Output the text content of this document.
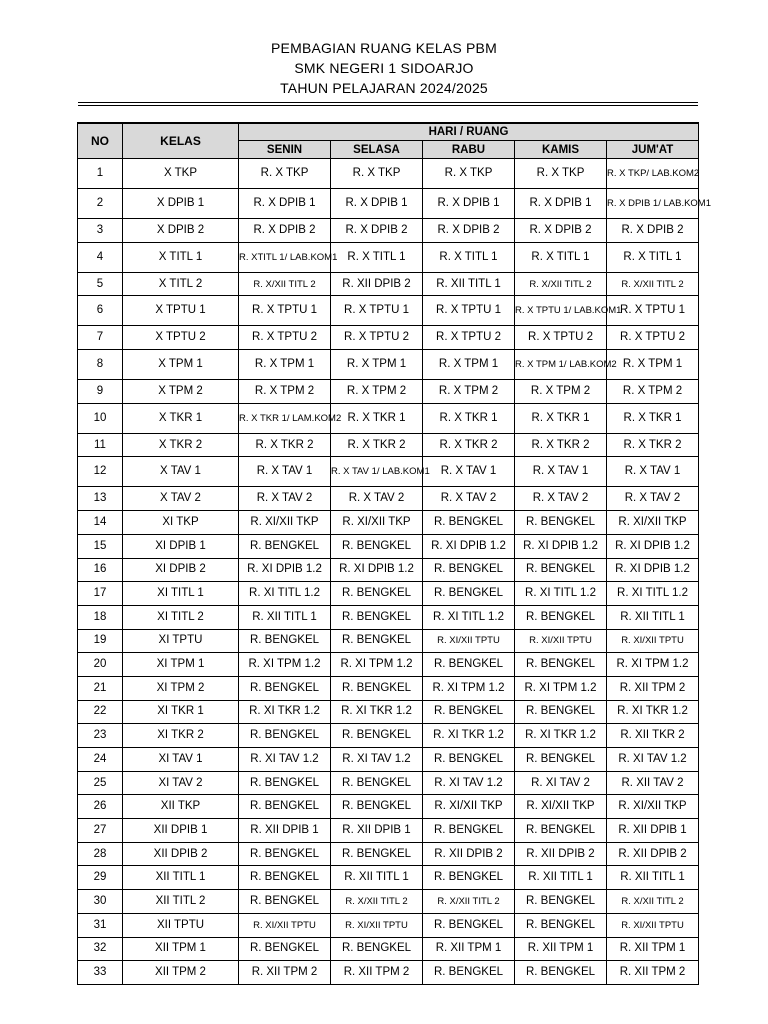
PEMBAGIAN RUANG KELAS PBM
SMK NEGERI 1 SIDOARJO
TAHUN PELAJARAN 2024/2025
NO	KELAS	HARI / RUANG				
		SENIN	SELASA	RABU	KAMIS	JUM'AT
1	X TKP	R. X TKP	R. X TKP	R. X TKP	R. X TKP	R. X TKP/ LAB.KOM2
2	X DPIB 1	R. X DPIB 1	R. X DPIB 1	R. X DPIB 1	R. X DPIB 1	R. X DPIB 1/ LAB.KOM1
3	X DPIB 2	R. X DPIB 2	R. X DPIB 2	R. X DPIB 2	R. X DPIB 2	R. X DPIB 2
4	X TITL 1	R. XTITL 1/ LAB.KOM1	R. X TITL 1	R. X TITL 1	R. X TITL 1	R. X TITL 1
5	X TITL 2	R. X/XII TITL 2	R. XII DPIB 2	R. XII TITL 1	R. X/XII TITL 2	R. X/XII TITL 2
6	X TPTU 1	R. X TPTU 1	R. X TPTU 1	R. X TPTU 1	R. X TPTU 1/ LAB.KOM1	R. X TPTU 1
7	X TPTU 2	R. X TPTU 2	R. X TPTU 2	R. X TPTU 2	R. X TPTU 2	R. X TPTU 2
8	X TPM 1	R. X TPM 1	R. X TPM 1	R. X TPM 1	R. X TPM 1/ LAB.KOM2	R. X TPM 1
9	X TPM 2	R. X TPM 2	R. X TPM 2	R. X TPM 2	R. X TPM 2	R. X TPM 2
10	X TKR 1	R. X TKR 1/ LAM.KOM2	R. X TKR 1	R. X TKR 1	R. X TKR 1	R. X TKR 1
11	X TKR 2	R. X TKR 2	R. X TKR 2	R. X TKR 2	R. X TKR 2	R. X TKR 2
12	X TAV 1	R. X TAV 1	R. X TAV 1/ LAB.KOM1	R. X TAV 1	R. X TAV 1	R. X TAV 1
13	X TAV 2	R. X TAV 2	R. X TAV 2	R. X TAV 2	R. X TAV 2	R. X TAV 2
14	XI TKP	R. XI/XII TKP	R. XI/XII TKP	R. BENGKEL	R. BENGKEL	R. XI/XII TKP
15	XI DPIB 1	R. BENGKEL	R. BENGKEL	R. XI DPIB 1.2	R. XI DPIB 1.2	R. XI DPIB 1.2
16	XI DPIB 2	R. XI DPIB 1.2	R. XI DPIB 1.2	R. BENGKEL	R. BENGKEL	R. XI DPIB 1.2
17	XI TITL 1	R. XI TITL 1.2	R. BENGKEL	R. BENGKEL	R. XI TITL 1.2	R. XI TITL 1.2
18	XI TITL 2	R. XII TITL 1	R. BENGKEL	R. XI TITL 1.2	R. BENGKEL	R. XII TITL 1
19	XI TPTU	R. BENGKEL	R. BENGKEL	R. XI/XII TPTU	R. XI/XII TPTU	R. XI/XII TPTU
20	XI TPM 1	R. XI TPM 1.2	R. XI TPM 1.2	R. BENGKEL	R. BENGKEL	R. XI TPM 1.2
21	XI TPM 2	R. BENGKEL	R. BENGKEL	R. XI TPM 1.2	R. XI TPM 1.2	R. XII TPM 2
22	XI TKR 1	R. XI TKR 1.2	R. XI TKR 1.2	R. BENGKEL	R. BENGKEL	R. XI TKR 1.2
23	XI TKR 2	R. BENGKEL	R. BENGKEL	R. XI TKR 1.2	R. XI TKR 1.2	R. XII TKR 2
24	XI TAV 1	R. XI TAV 1.2	R. XI TAV 1.2	R. BENGKEL	R. BENGKEL	R. XI TAV 1.2
25	XI TAV 2	R. BENGKEL	R. BENGKEL	R. XI TAV 1.2	R. XI TAV 2	R. XII TAV 2
26	XII TKP	R. BENGKEL	R. BENGKEL	R. XI/XII TKP	R. XI/XII TKP	R. XI/XII TKP
27	XII DPIB 1	R. XII DPIB 1	R. XII DPIB 1	R. BENGKEL	R. BENGKEL	R. XII DPIB 1
28	XII DPIB 2	R. BENGKEL	R. BENGKEL	R. XII DPIB 2	R. XII DPIB 2	R. XII DPIB 2
29	XII TITL 1	R. BENGKEL	R. XII TITL 1	R. BENGKEL	R. XII TITL 1	R. XII TITL 1
30	XII TITL 2	R. BENGKEL	R. X/XII TITL 2	R. X/XII TITL 2	R. BENGKEL	R. X/XII TITL 2
31	XII TPTU	R. XI/XII TPTU	R. XI/XII TPTU	R. BENGKEL	R. BENGKEL	R. XI/XII TPTU
32	XII TPM 1	R. BENGKEL	R. BENGKEL	R. XII TPM 1	R. XII TPM 1	R. XII TPM 1
33	XII TPM 2	R. XII TPM 2	R. XII TPM 2	R. BENGKEL	R. BENGKEL	R. XII TPM 2
